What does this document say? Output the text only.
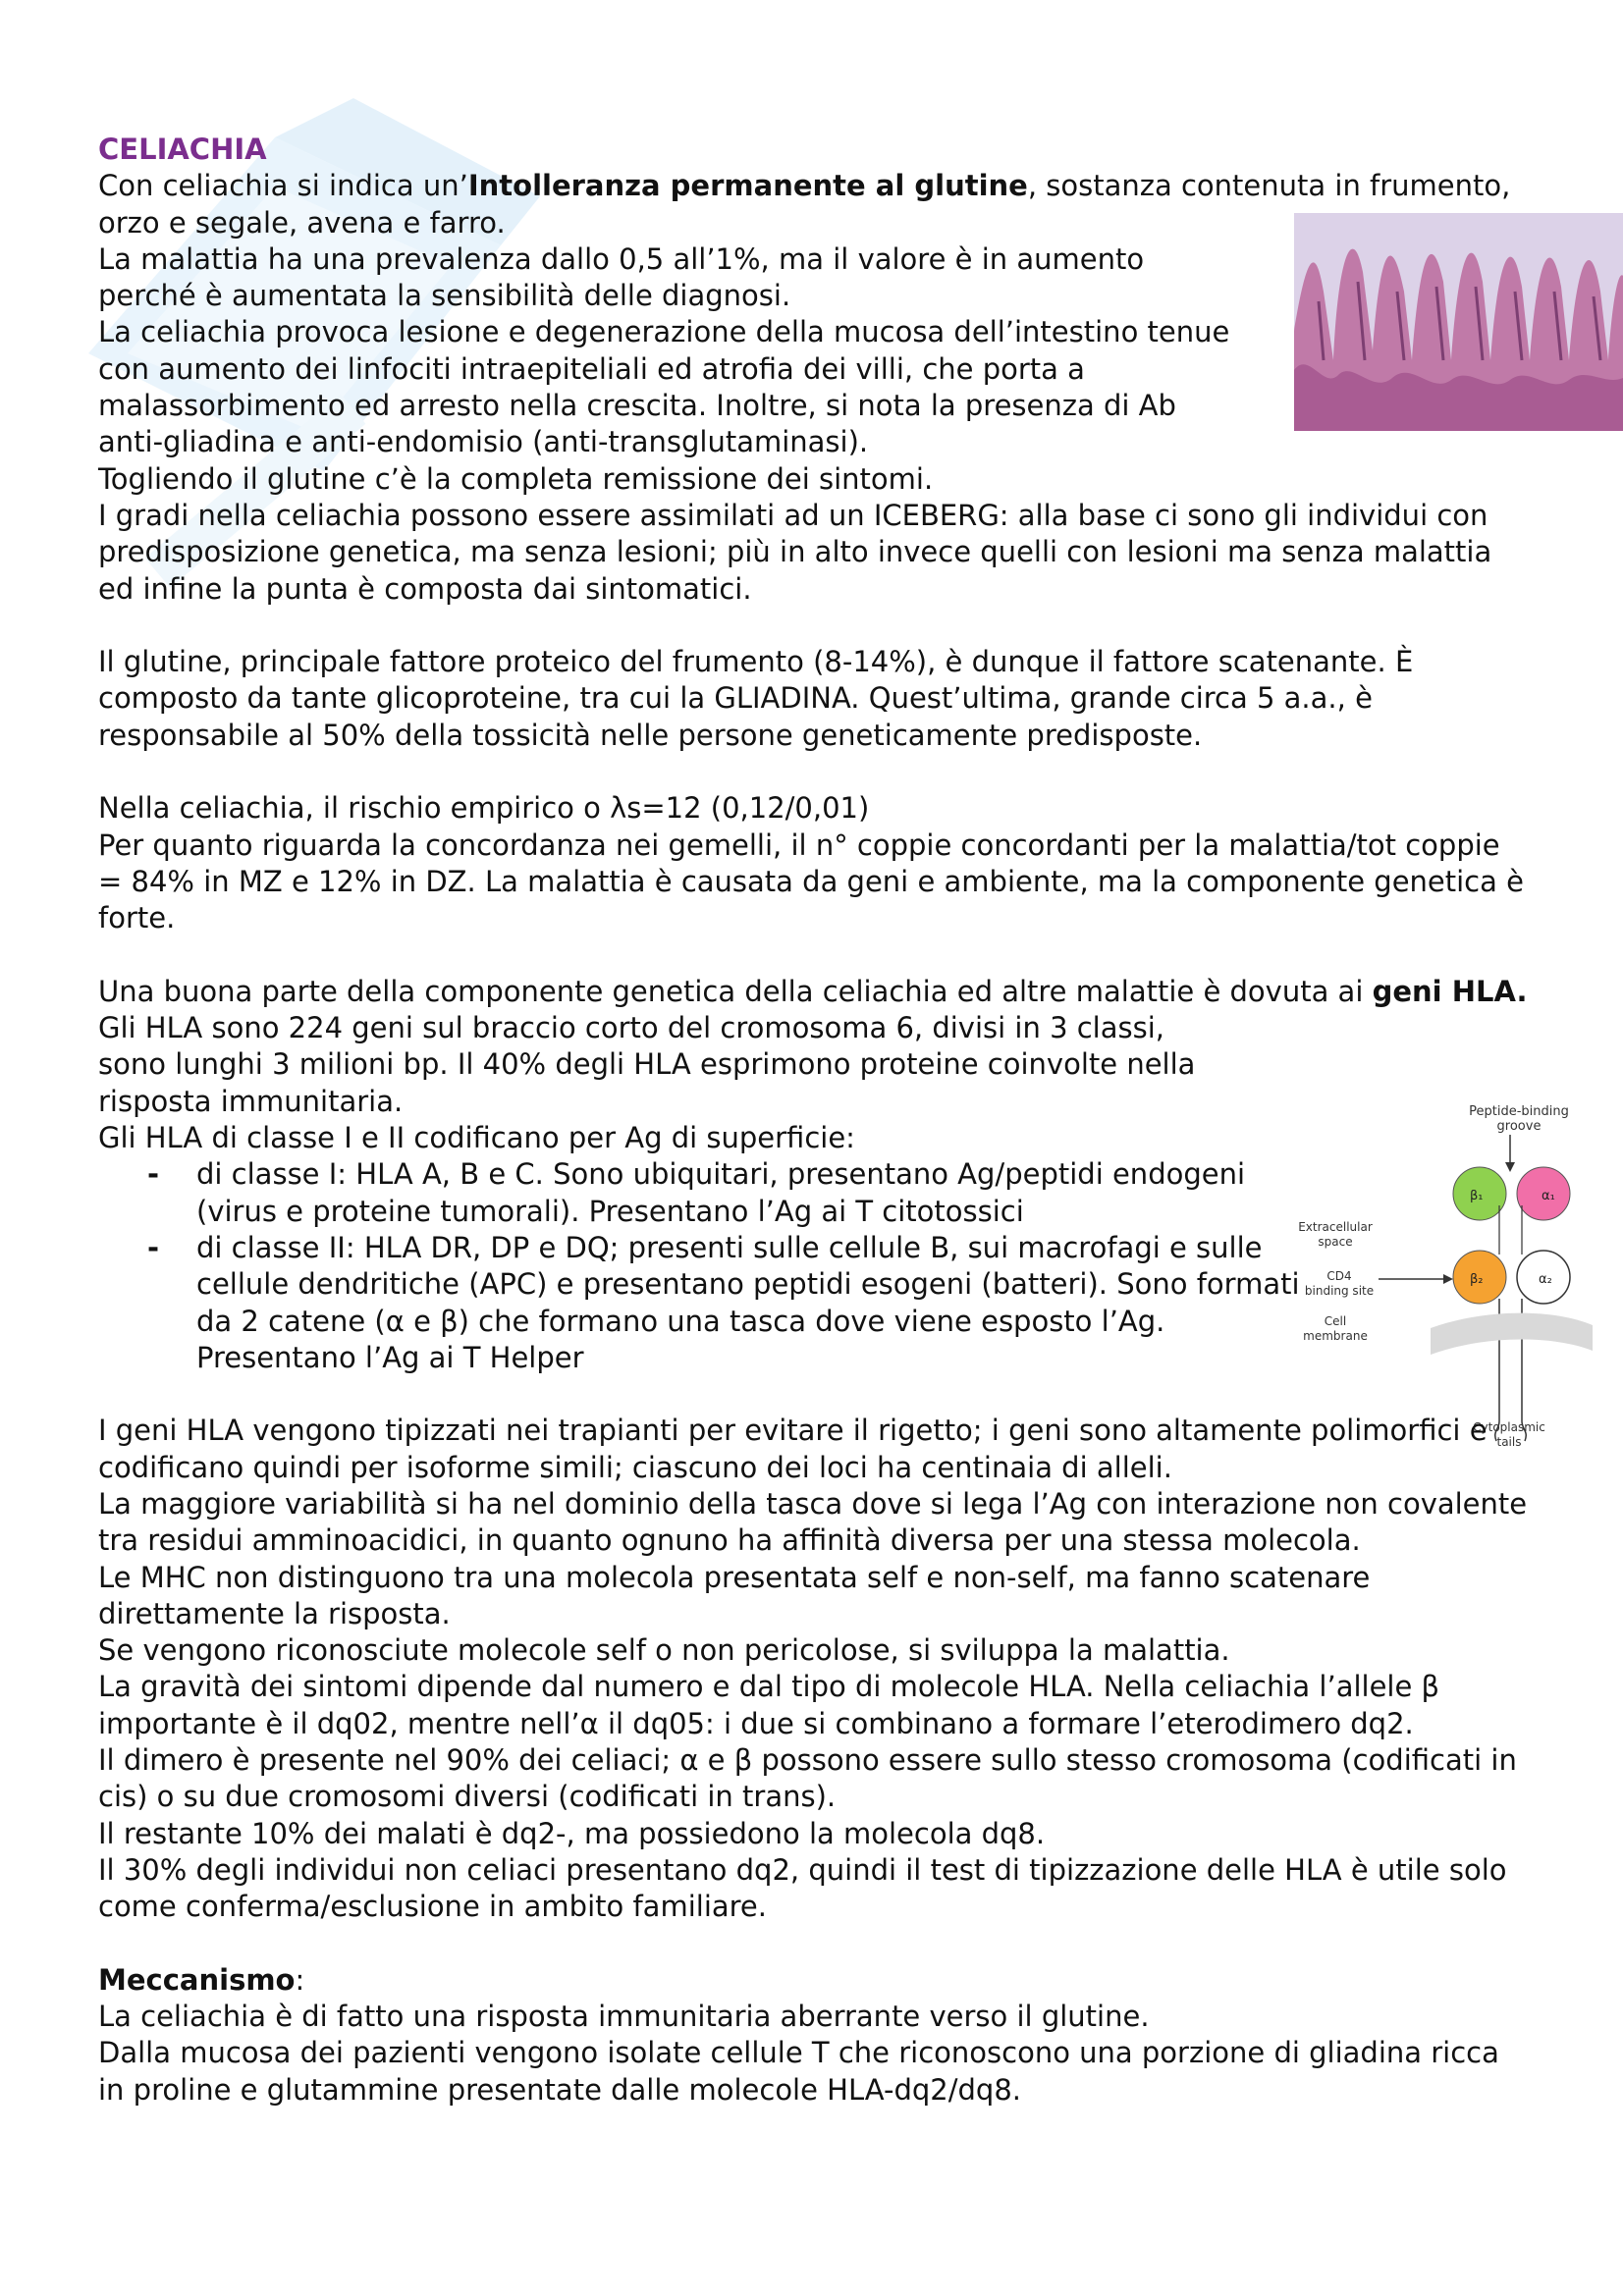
Peptide-binding
groove
β₁	α₁
β₂	α₂
Extracellular
space
CD4
binding site
Cell
membrane
Cytoplasmic
tails

CELIACHIA

Con celiachia si indica un’Intolleranza permanente al glutine, sostanza contenuta in frumento, orzo e segale, avena e farro.

La malattia ha una prevalenza dallo 0,5 all’1%, ma il valore è in aumento perché è aumentata la sensibilità delle diagnosi.

La celiachia provoca lesione e degenerazione della mucosa dell’intestino tenue con aumento dei linfociti intraepiteliali ed atrofia dei villi, che porta a malassorbimento ed arresto nella crescita. Inoltre, si nota la presenza di Ab anti-gliadina e anti-endomisio (anti-transglutaminasi).

Togliendo il glutine c’è la completa remissione dei sintomi.

I gradi nella celiachia possono essere assimilati ad un ICEBERG: alla base ci sono gli individui con predisposizione genetica, ma senza lesioni; più in alto invece quelli con lesioni ma senza malattia ed infine la punta è composta dai sintomatici.

Il glutine, principale fattore proteico del frumento (8-14%), è dunque il fattore scatenante. È composto da tante glicoproteine, tra cui la GLIADINA. Quest’ultima, grande circa 5 a.a., è responsabile al 50% della tossicità nelle persone geneticamente predisposte.

Nella celiachia, il rischio empirico o λs=12 (0,12/0,01)

Per quanto riguarda la concordanza nei gemelli, il n° coppie concordanti per la malattia/tot coppie = 84% in MZ e 12% in DZ. La malattia è causata da geni e ambiente, ma la componente genetica è forte.

Una buona parte della componente genetica della celiachia ed altre malattie è dovuta ai geni HLA.

Gli HLA sono 224 geni sul braccio corto del cromosoma 6, divisi in 3 classi, sono lunghi 3 milioni bp. Il 40% degli HLA esprimono proteine coinvolte nella risposta immunitaria.

Gli HLA di classe I e II codificano per Ag di superficie:

- di classe I: HLA A, B e C. Sono ubiquitari, presentano Ag/peptidi endogeni (virus e proteine tumorali). Presentano l’Ag ai T citotossici
- di classe II: HLA DR, DP e DQ; presenti sulle cellule B, sui macrofagi e sulle cellule dendritiche (APC) e presentano peptidi esogeni (batteri). Sono formati da 2 catene (α e β) che formano una tasca dove viene esposto l’Ag. Presentano l’Ag ai T Helper

I geni HLA vengono tipizzati nei trapianti per evitare il rigetto; i geni sono altamente polimorfici e codificano quindi per isoforme simili; ciascuno dei loci ha centinaia di alleli.

La maggiore variabilità si ha nel dominio della tasca dove si lega l’Ag con interazione non covalente tra residui amminoacidici, in quanto ognuno ha affinità diversa per una stessa molecola.

Le MHC non distinguono tra una molecola presentata self e non-self, ma fanno scatenare direttamente la risposta.

Se vengono riconosciute molecole self o non pericolose, si sviluppa la malattia.

La gravità dei sintomi dipende dal numero e dal tipo di molecole HLA. Nella celiachia l’allele β importante è il dq02, mentre nell’α il dq05: i due si combinano a formare l’eterodimero dq2.

Il dimero è presente nel 90% dei celiaci; α e β possono essere sullo stesso cromosoma (codificati in cis) o su due cromosomi diversi (codificati in trans).

Il restante 10% dei malati è dq2-, ma possiedono la molecola dq8.

Il 30% degli individui non celiaci presentano dq2, quindi il test di tipizzazione delle HLA è utile solo come conferma/esclusione in ambito familiare.

Meccanismo:

La celiachia è di fatto una risposta immunitaria aberrante verso il glutine.

Dalla mucosa dei pazienti vengono isolate cellule T che riconoscono una porzione di gliadina ricca in proline e glutammine presentate dalle molecole HLA-dq2/dq8.
